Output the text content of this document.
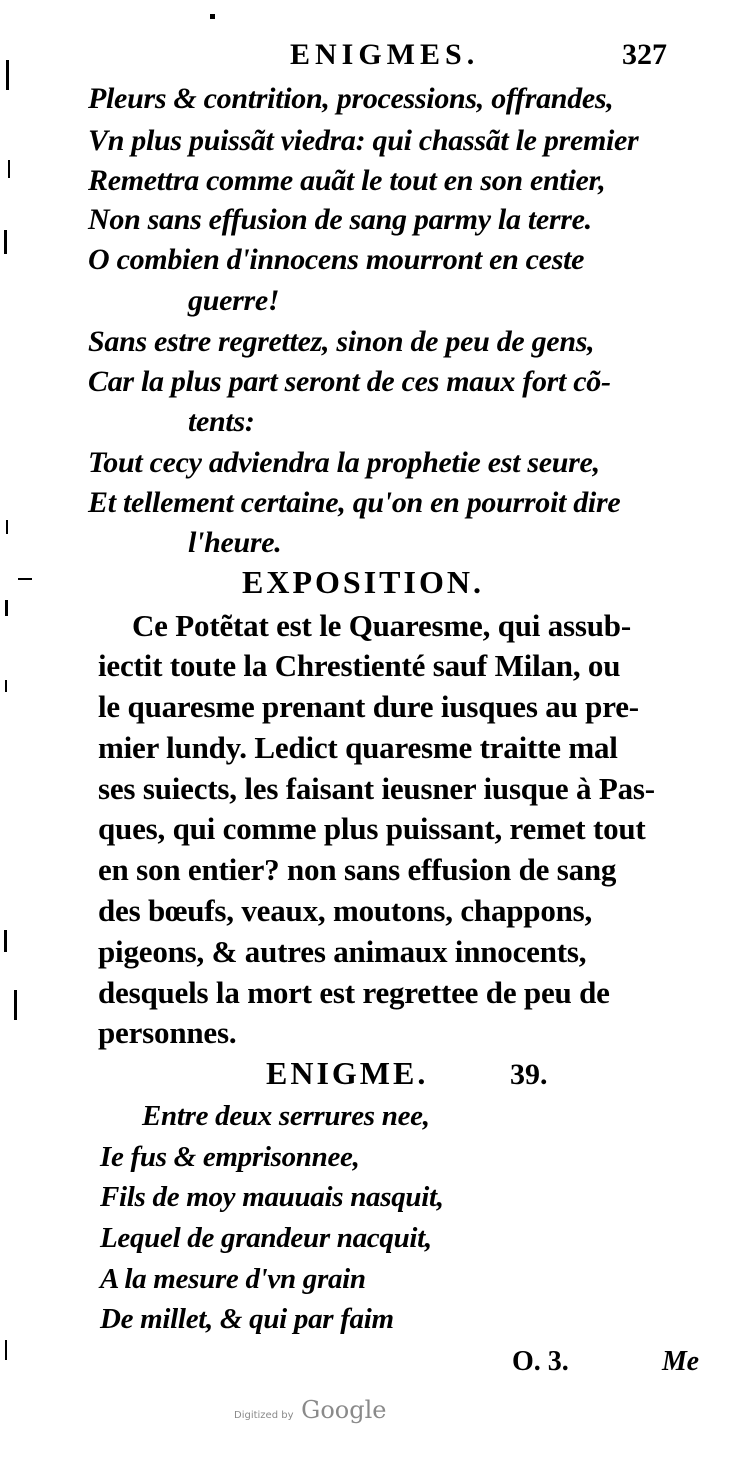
ENIGMES.	327
Pleurs & contrition, processions, offrandes,
Vn plus puissãt viedra: qui chassãt le premier
Remettra comme auãt le tout en son entier,
Non sans effusion de sang parmy la terre.
O combien d'innocens mourront en ceste
guerre!
Sans estre regrettez, sinon de peu de gens,
Car la plus part seront de ces maux fort cõ-
tents:
Tout cecy adviendra la prophetie est seure,
Et tellement certaine, qu'on en pourroit dire
l'heure.
EXPOSITION.
Ce Potẽtat est le Quaresme, qui assub-
iectit toute la Chrestienté sauf Milan, ou
le quaresme prenant dure iusques au pre-
mier lundy. Ledict quaresme traitte mal
ses suiects, les faisant ieusner iusque à Pas-
ques, qui comme plus puissant, remet tout
en son entier? non sans effusion de sang
des bœufs, veaux, moutons, chappons,
pigeons, & autres animaux innocents,
desquels la mort est regrettee de peu de
personnes.
ENIGME.	39.
Entre deux serrures nee,
Ie fus & emprisonnee,
Fils de moy mauuais nasquit,
Lequel de grandeur nacquit,
A la mesure d'vn grain
De millet, & qui par faim
O. 3.	Me
Digitized by Google
